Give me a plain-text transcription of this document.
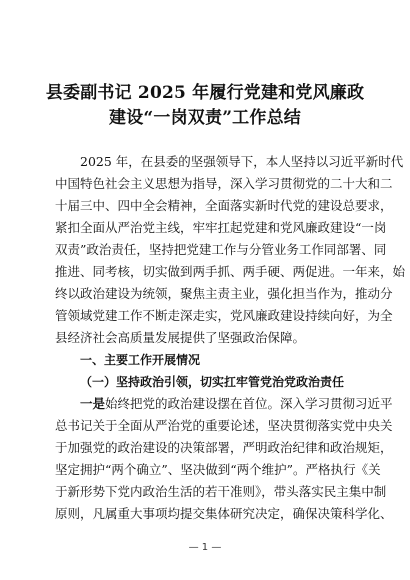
县委副书记 2025 年履行党建和党风廉政
建设“一岗双责”工作总结
2025 年，在县委的坚强领导下，本人坚持以习近平新时代
中国特色社会主义思想为指导，深入学习贯彻党的二十大和二
十届三中、四中全会精神，全面落实新时代党的建设总要求，
紧扣全面从严治党主线，牢牢扛起党建和党风廉政建设“一岗
双责”政治责任，坚持把党建工作与分管业务工作同部署、同
推进、同考核，切实做到两手抓、两手硬、两促进。一年来，始
终以政治建设为统领，聚焦主责主业，强化担当作为，推动分
管领域党建工作不断走深走实，党风廉政建设持续向好，为全
县经济社会高质量发展提供了坚强政治保障。
一、主要工作开展情况
（一）坚持政治引领，切实扛牢管党治党政治责任
一是始终把党的政治建设摆在首位。深入学习贯彻习近平
总书记关于全面从严治党的重要论述，坚决贯彻落实党中央关
于加强党的政治建设的决策部署，严明政治纪律和政治规矩，
坚定拥护“两个确立”、坚决做到“两个维护”。严格执行《关
于新形势下党内政治生活的若干准则》，带头落实民主集中制
原则，凡属重大事项均提交集体研究决定，确保决策科学化、
— 1 —
